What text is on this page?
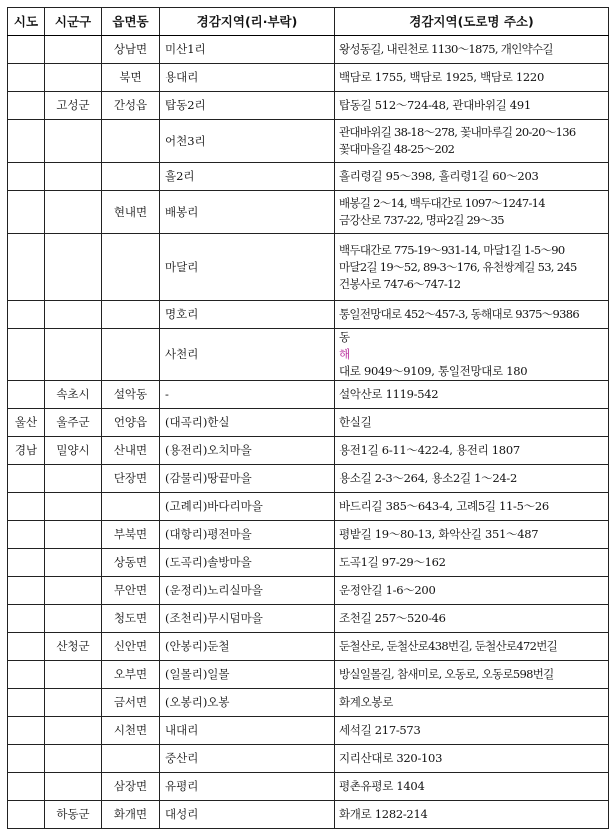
시도	시군구	읍면동	경감지역(리·부락)	경감지역(도로명 주소)
		상남면	미산1리	왕성동길, 내린천로 1130～1875, 개인약수길

		북면	용대리	백담로 1755, 백담로 1925, 백담로 1220

	고성군	간성읍	탑동2리	탑동길 512～724-48, 관대바위길 491

			어천3리	관대바위길 38-18～278, 꽃내마루길 20-20～136
꽃대마을길 48-25～202

			흘2리	흘리령길 95～398, 흘리령1길 60～203

		현내면	배봉리	배봉길 2～14, 백두대간로 1097～1247-14
금강산로 737-22, 명파2길 29～35

			마달리	백두대간로 775-19～931-14, 마달1길 1-5～90
마달2길 19～52, 89-3～176, 유천쌍계길 53, 245
건봉사로 747-6～747-12

			명호리	통일전망대로 452～457-3, 동해대로 9375～9386

			사천리	동
해
대로 9049～9109, 통일전망대로 180

	속초시	설악동	-	설악산로 1119-542

울산	울주군	언양읍	(대곡리)한실	한실길

경남	밀양시	산내면	(용전리)오치마을	용전1길 6-11～422-4, 용전리 1807

		단장면	(감물리)땅끝마을	용소길 2-3～264, 용소2길 1～24-2

			(고례리)바다리마을	바드리길 385～643-4, 고례5길 11-5～26

		부북면	(대항리)평전마을	평밭길 19～80-13, 화악산길 351～487

		상동면	(도곡리)솔방마을	도곡1길 97-29～162

		무안면	(운정리)노리실마을	운정안길 1-6～200

		청도면	(조천리)무시덤마을	조천길 257～520-46

	산청군	신안면	(안봉리)둔철	둔철산로, 둔철산로438번길, 둔철산로472번길

		오부면	(일몰리)일몰	방실일몰길, 참새미로, 오동로, 오동로598번길

		금서면	(오봉리)오봉	화계오봉로

		시천면	내대리	세석길 217-573

			중산리	지리산대로 320-103

		삼장면	유평리	평촌유평로 1404

	하동군	화개면	대성리	화개로 1282-214
